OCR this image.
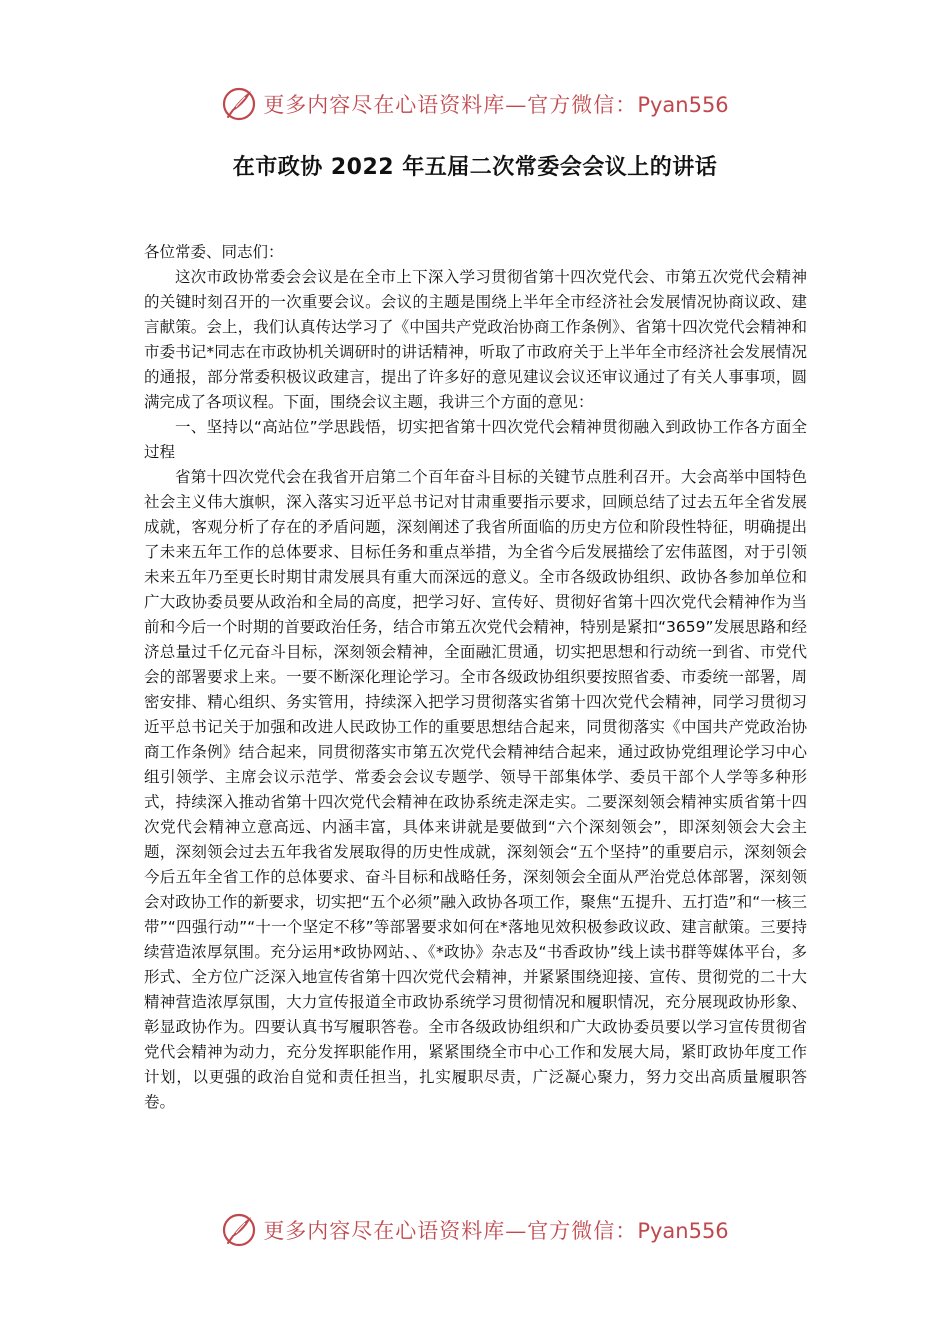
更多内容尽在心语资料库—官方微信：Pyan556
在市政协 2022 年五届二次常委会会议上的讲话

各位常委、同志们：

这次市政协常委会会议是在全市上下深入学习贯彻省第十四次党代会、市第五次党代会精神的关键时刻召开的一次重要会议。会议的主题是围绕上半年全市经济社会发展情况协商议政、建言献策。会上，我们认真传达学习了《中国共产党政治协商工作条例》、省第十四次党代会精神和市委书记*同志在市政协机关调研时的讲话精神，听取了市政府关于上半年全市经济社会发展情况的通报，部分常委积极议政建言，提出了许多好的意见建议会议还审议通过了有关人事事项，圆满完成了各项议程。下面，围绕会议主题，我讲三个方面的意见：

一、坚持以“高站位”学思践悟，切实把省第十四次党代会精神贯彻融入到政协工作各方面全过程

省第十四次党代会在我省开启第二个百年奋斗目标的关键节点胜利召开。大会高举中国特色社会主义伟大旗帜，深入落实习近平总书记对甘肃重要指示要求，回顾总结了过去五年全省发展成就，客观分析了存在的矛盾问题，深刻阐述了我省所面临的历史方位和阶段性特征，明确提出了未来五年工作的总体要求、目标任务和重点举措，为全省今后发展描绘了宏伟蓝图，对于引领未来五年乃至更长时期甘肃发展具有重大而深远的意义。全市各级政协组织、政协各参加单位和广大政协委员要从政治和全局的高度，把学习好、宣传好、贯彻好省第十四次党代会精神作为当前和今后一个时期的首要政治任务，结合市第五次党代会精神，特别是紧扣“3659”发展思路和经济总量过千亿元奋斗目标，深刻领会精神，全面融汇贯通，切实把思想和行动统一到省、市党代会的部署要求上来。一要不断深化理论学习。全市各级政协组织要按照省委、市委统一部署，周密安排、精心组织、务实管用，持续深入把学习贯彻落实省第十四次党代会精神，同学习贯彻习近平总书记关于加强和改进人民政协工作的重要思想结合起来，同贯彻落实《中国共产党政治协商工作条例》结合起来，同贯彻落实市第五次党代会精神结合起来，通过政协党组理论学习中心组引领学、主席会议示范学、常委会会议专题学、领导干部集体学、委员干部个人学等多种形式，持续深入推动省第十四次党代会精神在政协系统走深走实。二要深刻领会精神实质省第十四次党代会精神立意高远、内涵丰富，具体来讲就是要做到“六个深刻领会”，即深刻领会大会主题，深刻领会过去五年我省发展取得的历史性成就，深刻领会“五个坚持”的重要启示，深刻领会今后五年全省工作的总体要求、奋斗目标和战略任务，深刻领会全面从严治党总体部署，深刻领会对政协工作的新要求，切实把“五个必须”融入政协各项工作，聚焦“五提升、五打造”和“一核三带”“四强行动”“十一个坚定不移”等部署要求如何在*落地见效积极参政议政、建言献策。三要持续营造浓厚氛围。充分运用*政协网站、、《*政协》杂志及“书香政协”线上读书群等媒体平台，多形式、全方位广泛深入地宣传省第十四次党代会精神，并紧紧围绕迎接、宣传、贯彻党的二十大精神营造浓厚氛围，大力宣传报道全市政协系统学习贯彻情况和履职情况，充分展现政协形象、彰显政协作为。四要认真书写履职答卷。全市各级政协组织和广大政协委员要以学习宣传贯彻省党代会精神为动力，充分发挥职能作用，紧紧围绕全市中心工作和发展大局，紧盯政协年度工作计划，以更强的政治自觉和责任担当，扎实履职尽责，广泛凝心聚力，努力交出高质量履职答卷。

更多内容尽在心语资料库—官方微信：Pyan556
